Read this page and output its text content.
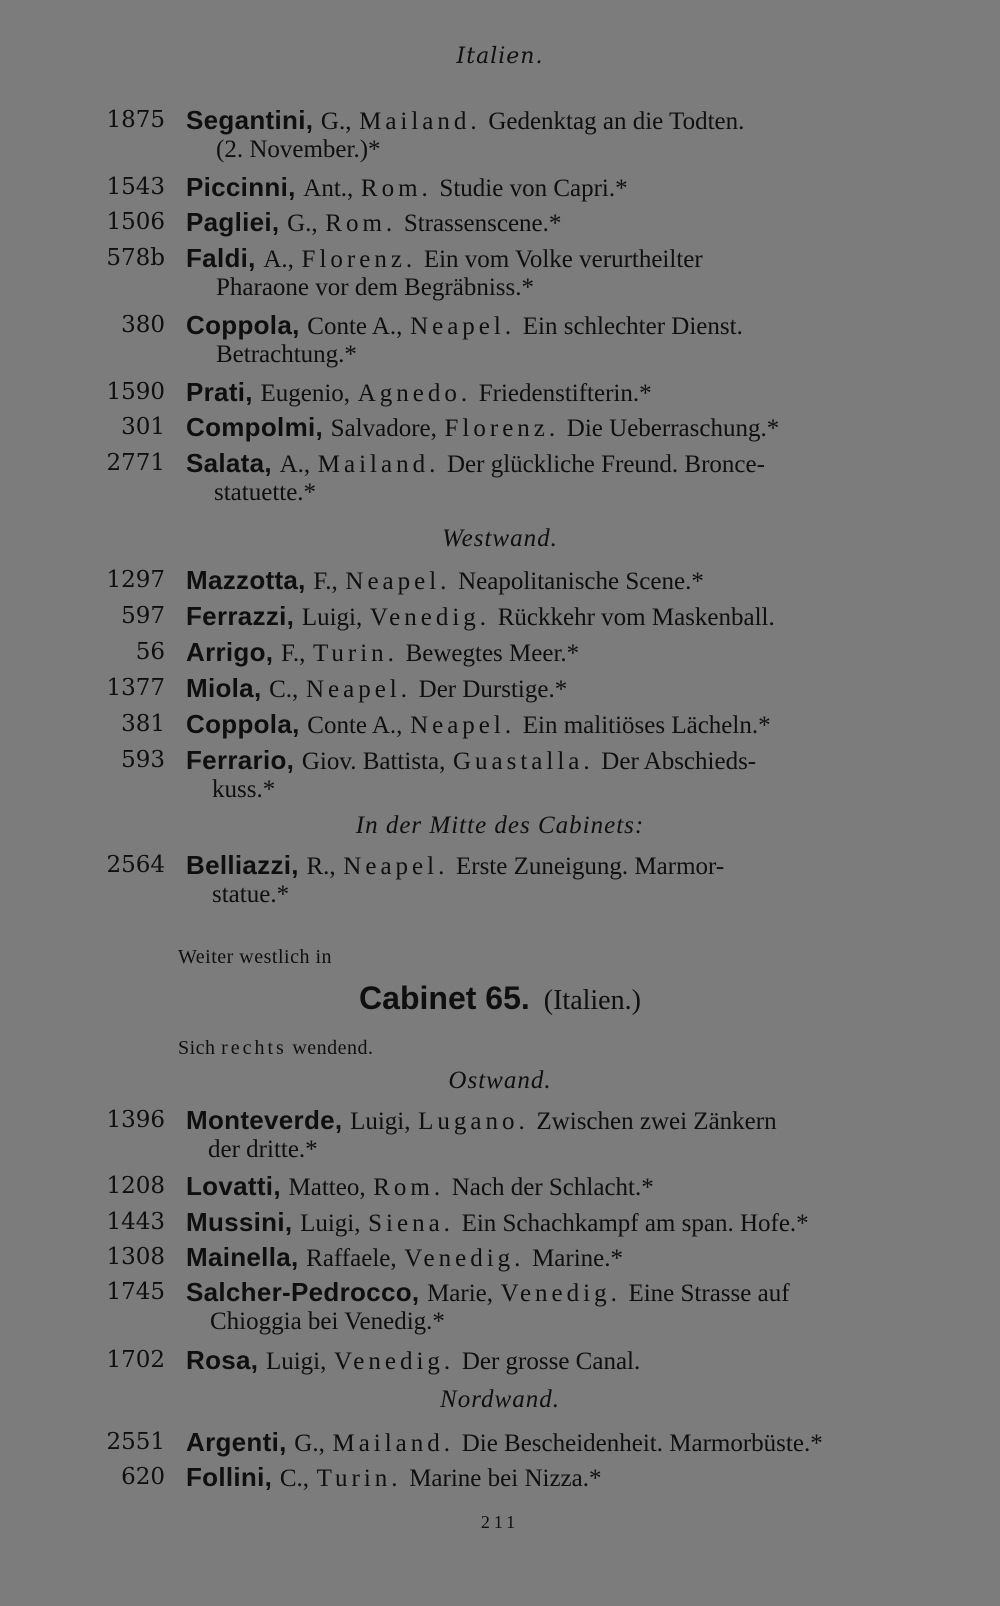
Italien.
1875 Segantini, G., Mailand. Gedenktag an die Todten.
(2. November.)*
1543 Piccinni, Ant., Rom. Studie von Capri.*
1506 Pagliei, G., Rom. Strassenscene.*
578b Faldi, A., Florenz. Ein vom Volke verurtheilter
Pharaone vor dem Begräbniss.*
380 Coppola, Conte A., Neapel. Ein schlechter Dienst.
Betrachtung.*
1590 Prati, Eugenio, Agnedo. Friedenstifterin.*
301 Compolmi, Salvadore, Florenz. Die Ueberraschung.*
2771 Salata, A., Mailand. Der glückliche Freund. Bronce-
statuette.*
Westwand.
1297 Mazzotta, F., Neapel. Neapolitanische Scene.*
597 Ferrazzi, Luigi, Venedig. Rückkehr vom Maskenball.
56 Arrigo, F., Turin. Bewegtes Meer.*
1377 Miola, C., Neapel. Der Durstige.*
381 Coppola, Conte A., Neapel. Ein malitiöses Lächeln.*
593 Ferrario, Giov. Battista, Guastalla. Der Abschieds-
kuss.*
In der Mitte des Cabinets:
2564 Belliazzi, R., Neapel. Erste Zuneigung. Marmor-
statue.*
Weiter westlich in
Cabinet 65. (Italien.)
Sich rechts wendend.
Ostwand.
1396 Monteverde, Luigi, Lugano. Zwischen zwei Zänkern
der dritte.*
1208 Lovatti, Matteo, Rom. Nach der Schlacht.*
1443 Mussini, Luigi, Siena. Ein Schachkampf am span. Hofe.*
1308 Mainella, Raffaele, Venedig. Marine.*
1745 Salcher-Pedrocco, Marie, Venedig. Eine Strasse auf
Chioggia bei Venedig.*
1702 Rosa, Luigi, Venedig. Der grosse Canal.
Nordwand.
2551 Argenti, G., Mailand. Die Bescheidenheit. Marmorbüste.*
620 Follini, C., Turin. Marine bei Nizza.*
211
